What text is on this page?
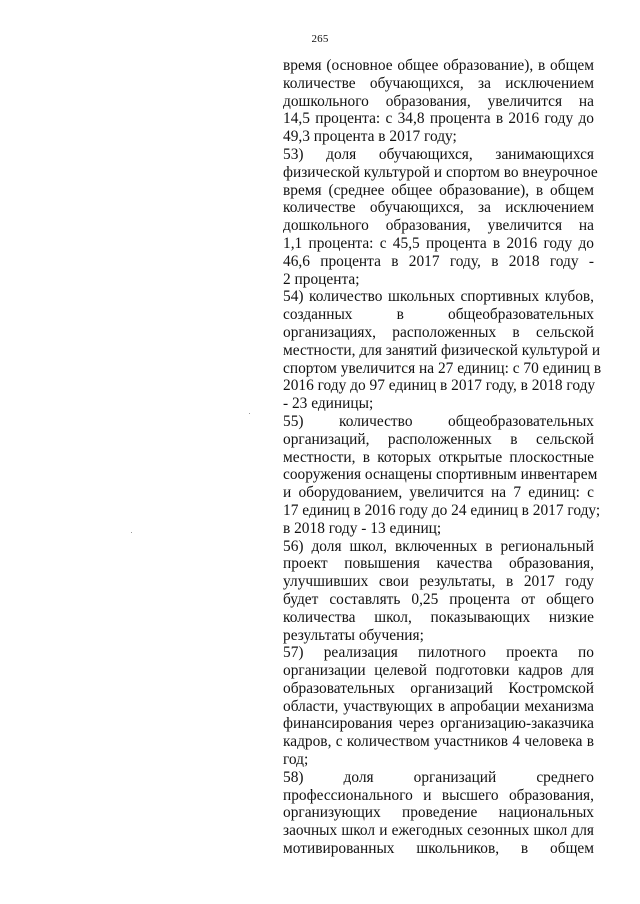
265

время (основное общее образование), в общем
количестве обучающихся, за исключением
дошкольного образования, увеличится на
14,5 процента: с 34,8 процента в 2016 году до
49,3 процента в 2017 году;

53) доля обучающихся, занимающихся
физической культурой и спортом во внеурочное
время (среднее общее образование), в общем
количестве обучающихся, за исключением
дошкольного образования, увеличится на
1,1 процента: с 45,5 процента в 2016 году до
46,6 процента в 2017 году, в 2018 году -
2 процента;

54) количество школьных спортивных клубов,
созданных в общеобразовательных
организациях, расположенных в сельской
местности, для занятий физической культурой и
спортом увеличится на 27 единиц: с 70 единиц в
2016 году до 97 единиц в 2017 году, в 2018 году
- 23 единицы;

55) количество общеобразовательных
организаций, расположенных в сельской
местности, в которых открытые плоскостные
сооружения оснащены спортивным инвентарем
и оборудованием, увеличится на 7 единиц: с
17 единиц в 2016 году до 24 единиц в 2017 году;
в 2018 году - 13 единиц;

56) доля школ, включенных в региональный
проект повышения качества образования,
улучшивших свои результаты, в 2017 году
будет составлять 0,25 процента от общего
количества школ, показывающих низкие
результаты обучения;

57) реализация пилотного проекта по
организации целевой подготовки кадров для
образовательных организаций Костромской
области, участвующих в апробации механизма
финансирования через организацию-заказчика
кадров, с количеством участников 4 человека в
год;

58) доля организаций среднего
профессионального и высшего образования,
организующих проведение национальных
заочных школ и ежегодных сезонных школ для
мотивированных школьников, в общем
